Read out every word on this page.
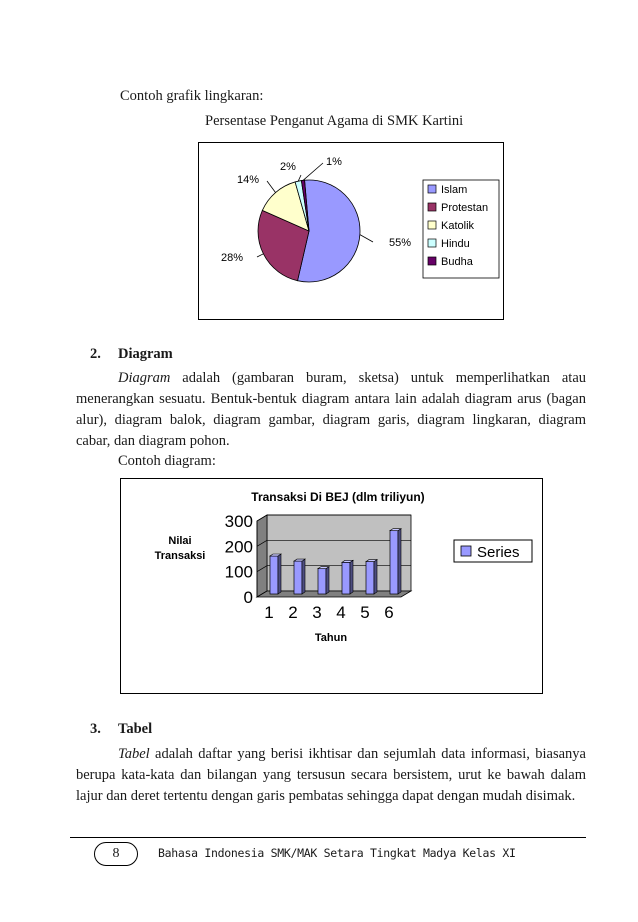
Contoh grafik lingkaran:
Persentase Penganut Agama di SMK Kartini
55%
28%
14%
2%	1%
Islam
Protestan
Katolik
Hindu
Budha
2. Diagram

Diagram adalah (gambaran buram, sketsa) untuk memperlihatkan atau menerangkan sesuatu. Bentuk-bentuk diagram antara lain adalah diagram arus (bagan alur), diagram balok, diagram gambar, diagram garis, diagram lingkaran, diagram cabar, dan diagram pohon.

Contoh diagram:
Transaksi Di BEJ (dlm triliyun)
Nilai
Transaksi
0
100
200
300
1 2 3 4 5 6
Tahun
Series
3. Tabel

Tabel adalah daftar yang berisi ikhtisar dan sejumlah data informasi, biasanya berupa kata-kata dan bilangan yang tersusun secara bersistem, urut ke bawah dalam lajur dan deret tertentu dengan garis pembatas sehingga dapat dengan mudah disimak.

8	Bahasa Indonesia SMK/MAK Setara Tingkat Madya Kelas XI
